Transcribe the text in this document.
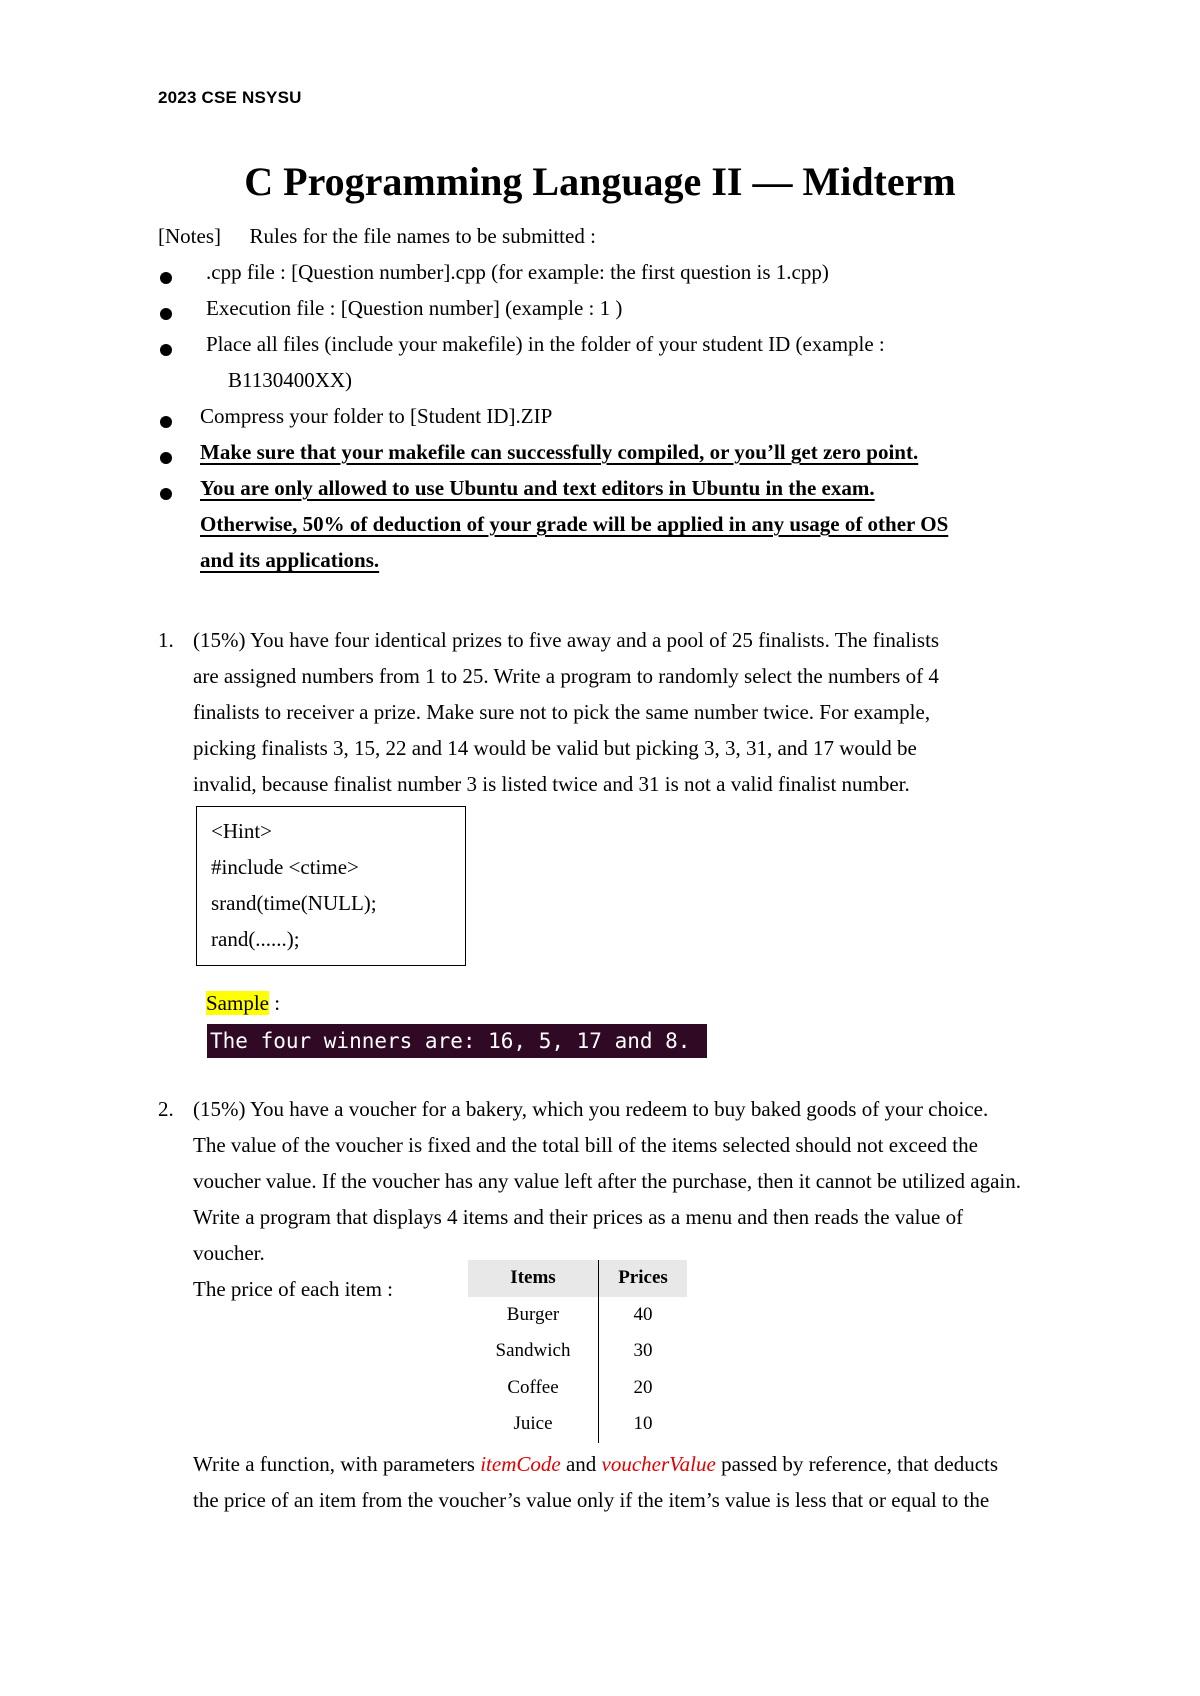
2023 CSE NSYSU
C Programming Language II — Midterm
[Notes] Rules for the file names to be submitted :
.cpp file : [Question number].cpp (for example: the first question is 1.cpp)
Execution file : [Question number] (example : 1 )
Place all files (include your makefile) in the folder of your student ID (example :
B1130400XX)
Compress your folder to [Student ID].ZIP
Make sure that your makefile can successfully compiled, or you’ll get zero point.
You are only allowed to use Ubuntu and text editors in Ubuntu in the exam.
Otherwise, 50% of deduction of your grade will be applied in any usage of other OS
and its applications.
1. (15%) You have four identical prizes to five away and a pool of 25 finalists. The finalists
are assigned numbers from 1 to 25. Write a program to randomly select the numbers of 4
finalists to receiver a prize. Make sure not to pick the same number twice. For example,
picking finalists 3, 15, 22 and 14 would be valid but picking 3, 3, 31, and 17 would be
invalid, because finalist number 3 is listed twice and 31 is not a valid finalist number.
<Hint>
#include <ctime>
srand(time(NULL);
rand(......);
Sample :
The four winners are: 16, 5, 17 and 8.
2. (15%) You have a voucher for a bakery, which you redeem to buy baked goods of your choice.
The value of the voucher is fixed and the total bill of the items selected should not exceed the
voucher value. If the voucher has any value left after the purchase, then it cannot be utilized again.
Write a program that displays 4 items and their prices as a menu and then reads the value of
voucher.
The price of each item :	Items	Prices
Burger	40
Sandwich	30
Coffee	20
Juice	10
Write a function, with parameters itemCode and voucherValue passed by reference, that deducts
the price of an item from the voucher’s value only if the item’s value is less that or equal to the
